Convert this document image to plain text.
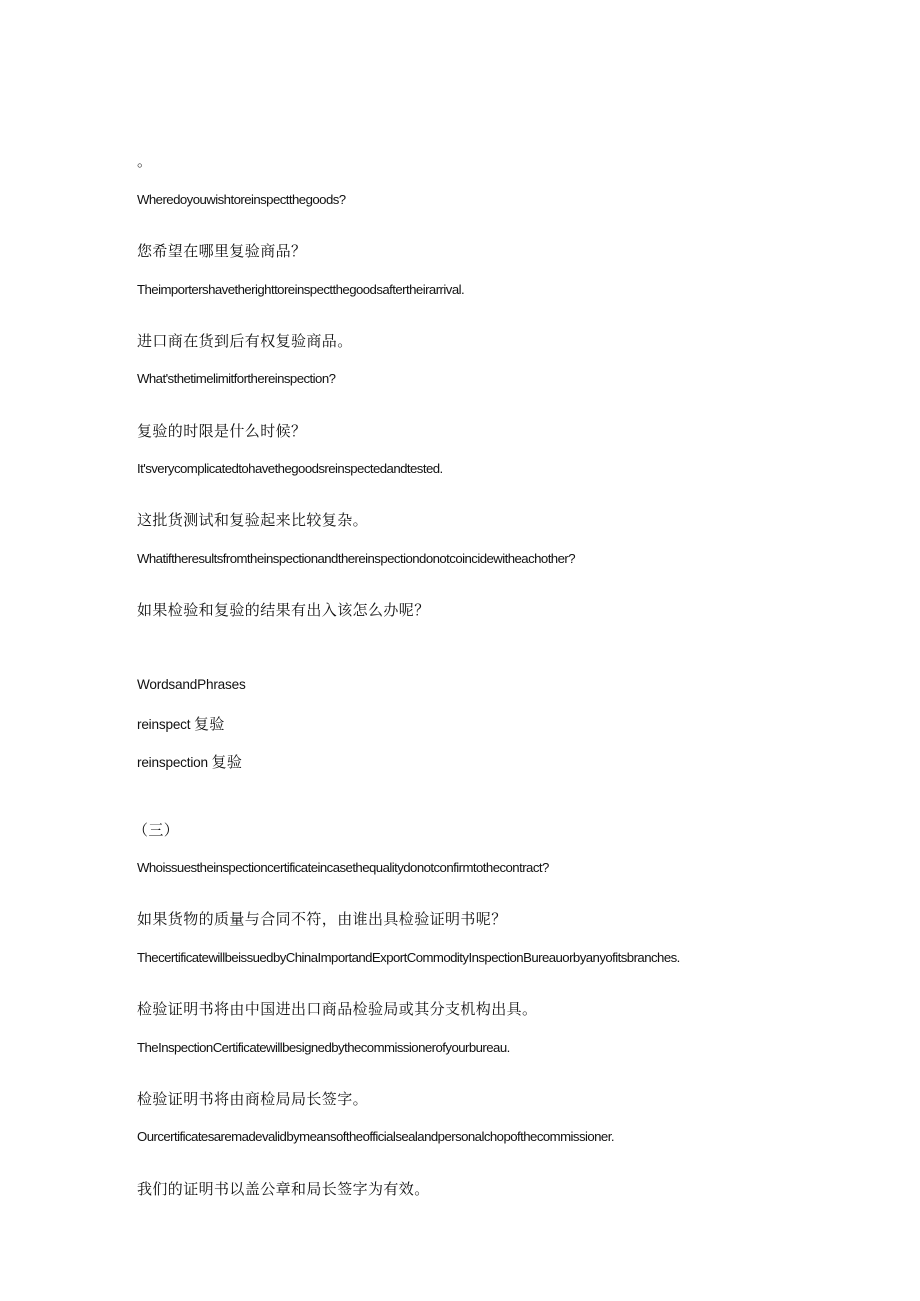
。
Wheredoyouwishtoreinspectthegoods?
您希望在哪里复验商品？
Theimportershavetherighttoreinspectthegoodsaftertheirarrival.
进口商在货到后有权复验商品。
What'sthetimelimitforthereinspection?
复验的时限是什么时候？
It'sverycomplicatedtohavethegoodsreinspectedandtested.
这批货测试和复验起来比较复杂。
Whatiftheresultsfromtheinspectionandthereinspectiondonotcoincidewitheachother?
如果检验和复验的结果有出入该怎么办呢？
WordsandPhrases
reinspect 复验
reinspection 复验
（三）
Whoissuestheinspectioncertificateincasethequalitydonotconfirmtothecontract?
如果货物的质量与合同不符，由谁出具检验证明书呢？
ThecertificatewillbeissuedbyChinaImportandExportCommodityInspectionBureauorbyanyofitsbranches.
检验证明书将由中国进出口商品检验局或其分支机构出具。
TheInspectionCertificatewillbesignedbythecommissionerofyourbureau.
检验证明书将由商检局局长签字。
Ourcertificatesaremadevalidbymeansoftheofficialsealandpersonalchopofthecommissioner.
我们的证明书以盖公章和局长签字为有效。
